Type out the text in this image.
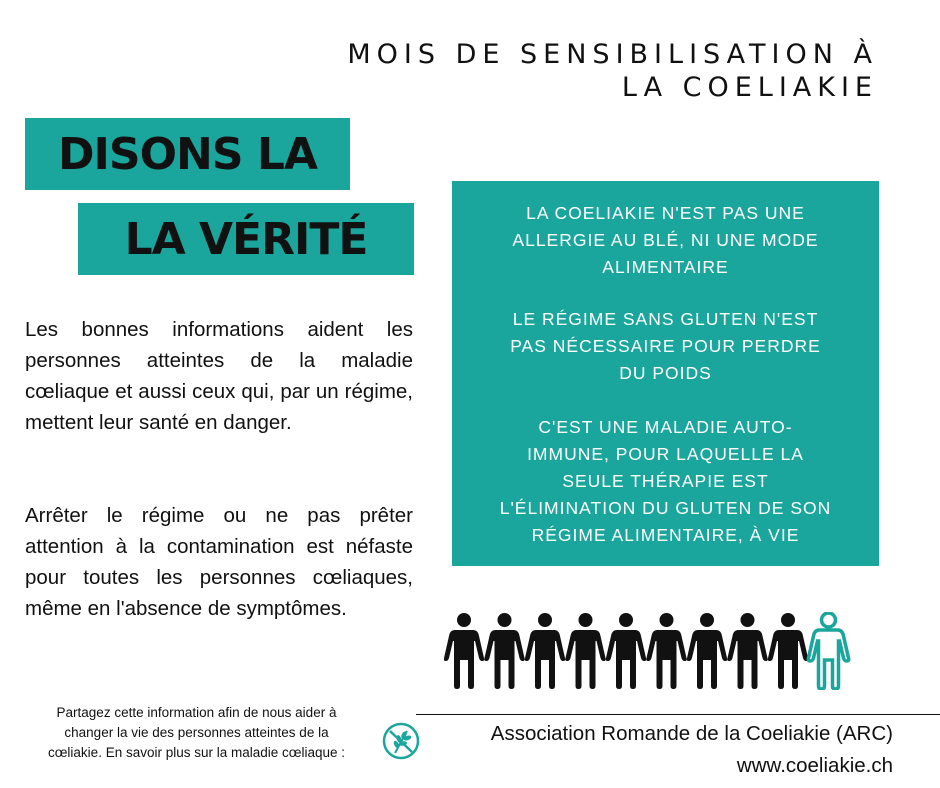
MOIS DE SENSIBILISATION À
LA COELIAKIE
DISONS LA
LA VÉRITÉ
Les bonnes informations aident les personnes atteintes de la maladie cœliaque et aussi ceux qui, par un régime, mettent leur santé en danger.
Arrêter le régime ou ne pas prêter attention à la contamination est néfaste pour toutes les personnes cœliaques, même en l'absence de symptômes.
LA COELIAKIE N'EST PAS UNE
ALLERGIE AU BLÉ, NI UNE MODE
ALIMENTAIRE
LE RÉGIME SANS GLUTEN N'EST
PAS NÉCESSAIRE POUR PERDRE
DU POIDS
C'EST UNE MALADIE AUTO-
IMMUNE, POUR LAQUELLE LA
SEULE THÉRAPIE EST
L'ÉLIMINATION DU GLUTEN DE SON
RÉGIME ALIMENTAIRE, À VIE
Partagez cette information afin de nous aider à
changer la vie des personnes atteintes de la
cœliakie. En savoir plus sur la maladie cœliaque :
Association Romande de la Coeliakie (ARC)
www.coeliakie.ch
